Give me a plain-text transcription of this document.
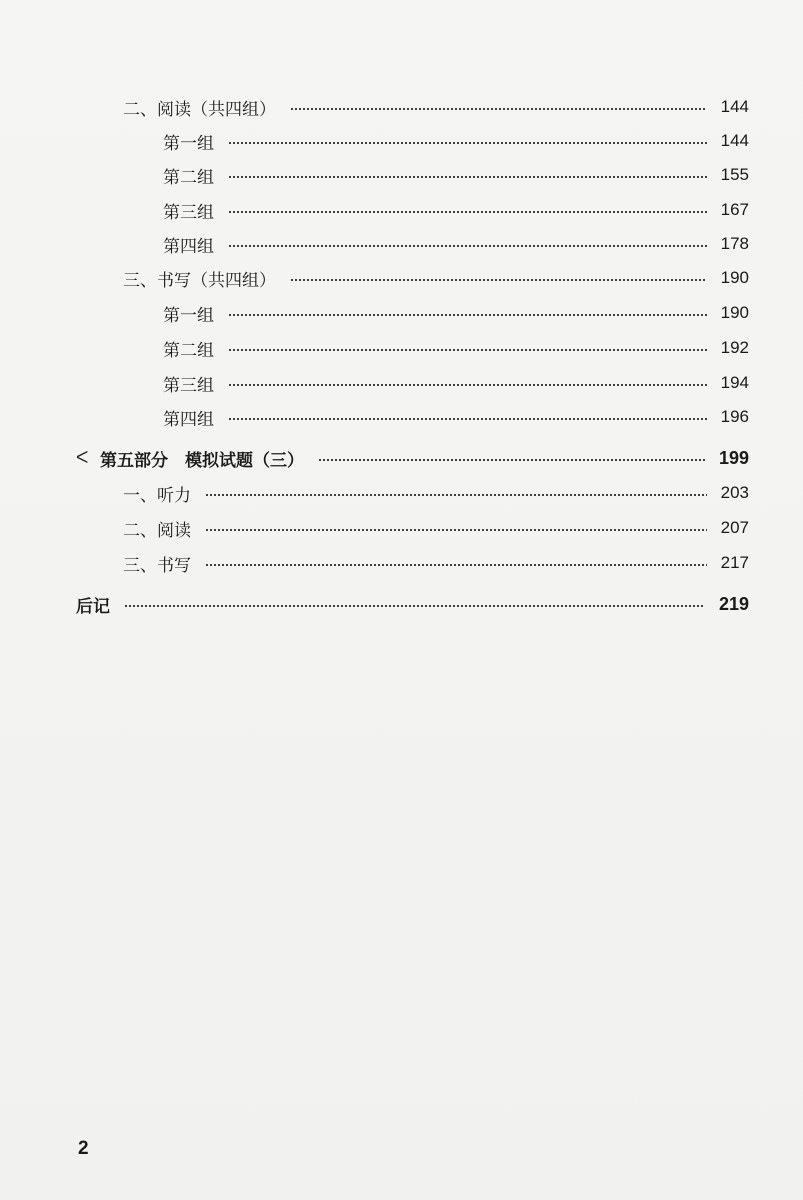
二、阅读（共四组）	144
第一组	144
第二组	155
第三组	167
第四组	178
三、书写（共四组）	190
第一组	190
第二组	192
第三组	194
第四组	196
ᐸ 第五部分　模拟试题（三）	199
一、听力	203
二、阅读	207
三、书写	217
后记	219
2
